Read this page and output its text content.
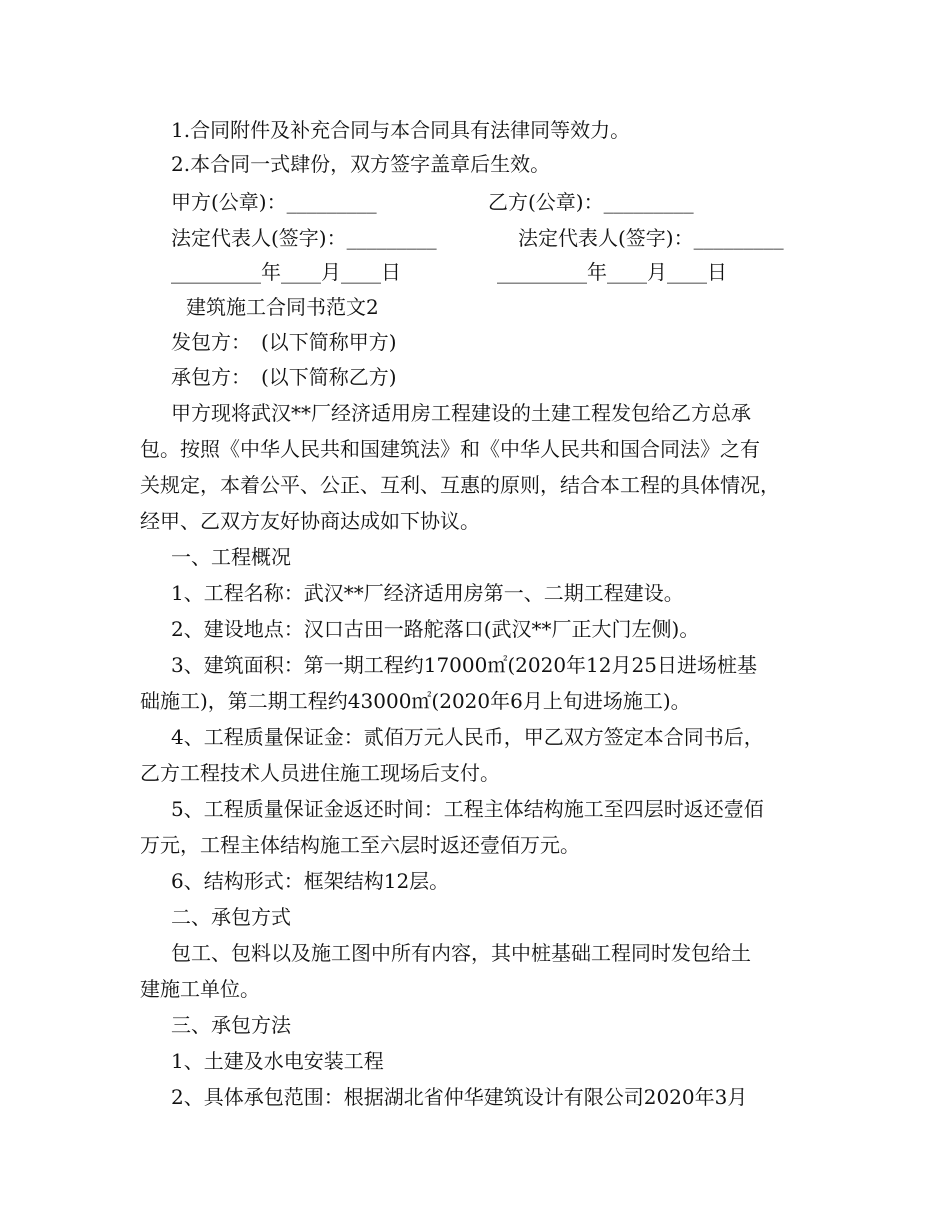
1.合同附件及补充合同与本合同具有法律同等效力。
2.本合同一式肆份，双方签字盖章后生效。
甲方(公章)：_________	乙方(公章)：_________
法定代表人(签字)：_________	法定代表人(签字)：_________
_________年____月____日	_________年____月____日
建筑施工合同书范文2
发包方：　(以下简称甲方)
承包方：　(以下简称乙方)
甲方现将武汉**厂经济适用房工程建设的土建工程发包给乙方总承
包。按照《中华人民共和国建筑法》和《中华人民共和国合同法》之有
关规定，本着公平、公正、互利、互惠的原则，结合本工程的具体情况，
经甲、乙双方友好协商达成如下协议。
一、工程概况
1、工程名称：武汉**厂经济适用房第一、二期工程建设。
2、建设地点：汉口古田一路舵落口(武汉**厂正大门左侧)。
3、建筑面积：第一期工程约17000㎡(2020年12月25日进场桩基
础施工)，第二期工程约43000㎡(2020年6月上旬进场施工)。
4、工程质量保证金：贰佰万元人民币，甲乙双方签定本合同书后，
乙方工程技术人员进住施工现场后支付。
5、工程质量保证金返还时间：工程主体结构施工至四层时返还壹佰
万元，工程主体结构施工至六层时返还壹佰万元。
6、结构形式：框架结构12层。
二、承包方式
包工、包料以及施工图中所有内容，其中桩基础工程同时发包给土
建施工单位。
三、承包方法
1、土建及水电安装工程
2、具体承包范围：根据湖北省仲华建筑设计有限公司2020年3月
